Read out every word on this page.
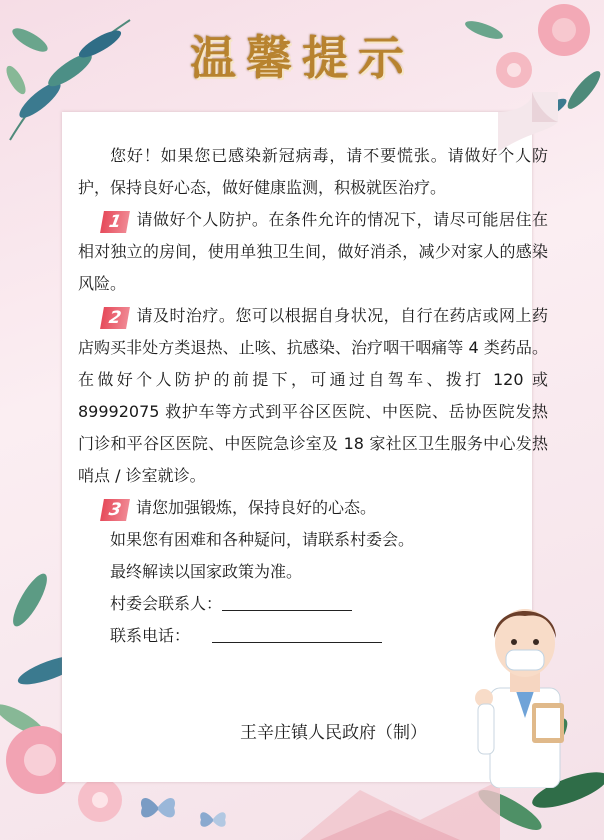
温馨提示

您好！如果您已感染新冠病毒，请不要慌张。请做好个人防护，保持良好心态，做好健康监测，积极就医治疗。

1 请做好个人防护。在条件允许的情况下，请尽可能居住在相对独立的房间，使用单独卫生间，做好消杀，减少对家人的感染风险。

2 请及时治疗。您可以根据自身状况，自行在药店或网上药店购买非处方类退热、止咳、抗感染、治疗咽干咽痛等 4 类药品。在做好个人防护的前提下，可通过自驾车、拨打 120 或 89992075 救护车等方式到平谷区医院、中医院、岳协医院发热门诊和平谷区医院、中医院急诊室及 18 家社区卫生服务中心发热哨点 / 诊室就诊。

3 请您加强锻炼，保持良好的心态。

如果您有困难和各种疑问，请联系村委会。

最终解读以国家政策为准。

村委会联系人：

联系电话：

王辛庄镇人民政府（制）
